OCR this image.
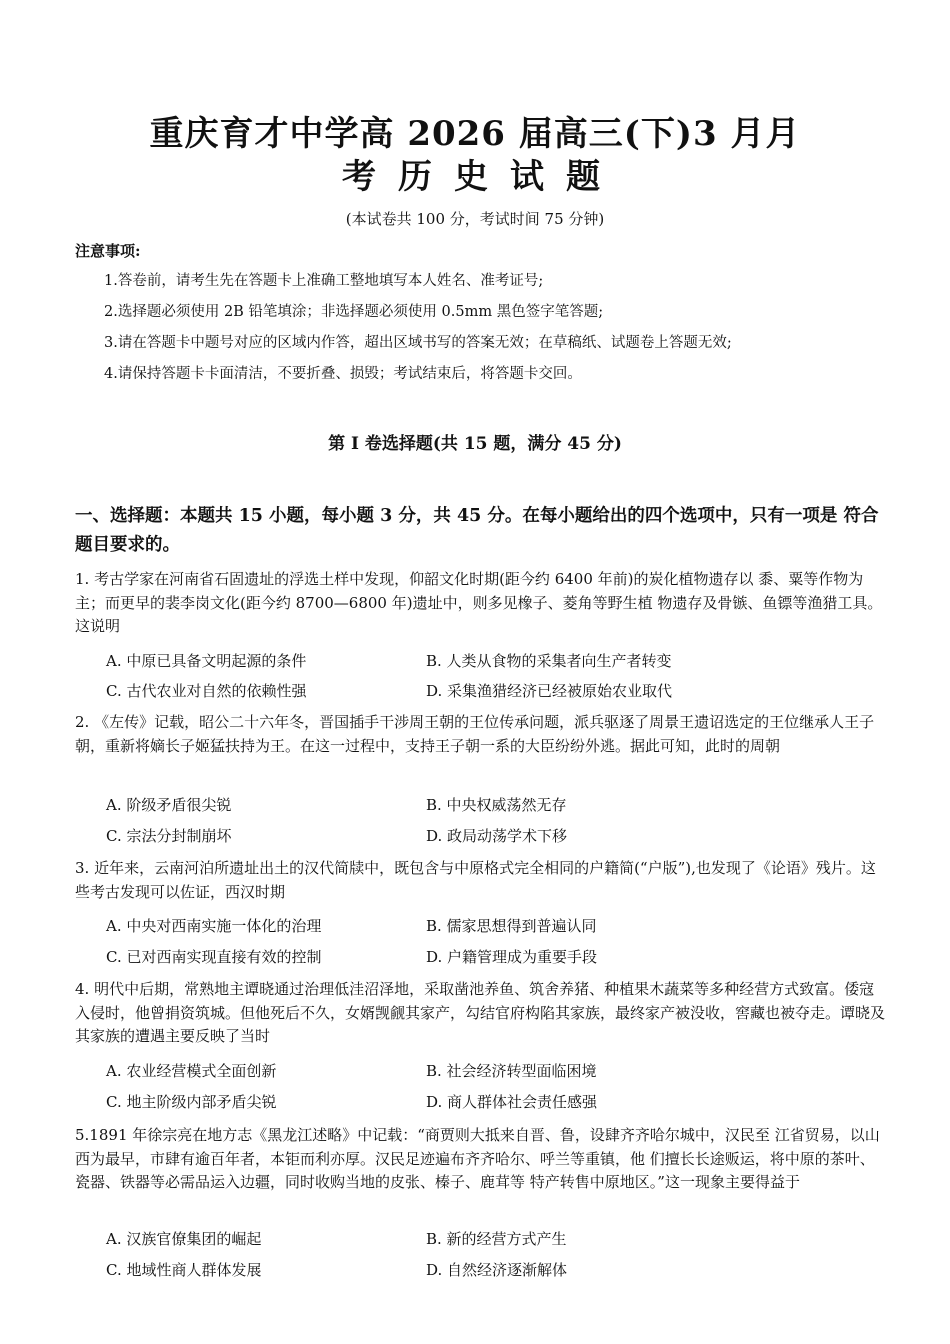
重庆育才中学高 2026 届高三(下)3 月月
考历史试题
(本试卷共 100 分，考试时间 75 分钟)
注意事项:
1.答卷前，请考生先在答题卡上准确工整地填写本人姓名、准考证号;
2.选择题必须使用 2B 铅笔填涂；非选择题必须使用 0.5mm 黑色签字笔答题;
3.请在答题卡中题号对应的区域内作答，超出区域书写的答案无效；在草稿纸、试题卷上答题无效;
4.请保持答题卡卡面清洁，不要折叠、损毁；考试结束后，将答题卡交回。
第 I 卷选择题(共 15 题，满分 45 分)
一、选择题：本题共 15 小题，每小题 3 分，共 45 分。在每小题给出的四个选项中，只有一项是 符合题目要求的。
1. 考古学家在河南省石固遗址的浮选土样中发现，仰韶文化时期(距今约 6400 年前)的炭化植物遗存以 黍、粟等作物为主；而更早的裴李岗文化(距今约 8700—6800 年)遗址中，则多见橡子、菱角等野生植 物遗存及骨镞、鱼镖等渔猎工具。这说明
A. 中原已具备文明起源的条件	B. 人类从食物的采集者向生产者转变
C. 古代农业对自然的依赖性强	D. 采集渔猎经济已经被原始农业取代
2. 《左传》记载，昭公二十六年冬，晋国插手干涉周王朝的王位传承问题，派兵驱逐了周景王遗诏选定的王位继承人王子朝，重新将嫡长子姬猛扶持为王。在这一过程中，支持王子朝一系的大臣纷纷外逃。据此可知，此时的周朝
A. 阶级矛盾很尖锐	B. 中央权威荡然无存
C. 宗法分封制崩坏	D. 政局动荡学术下移
3. 近年来，云南河泊所遗址出土的汉代简牍中，既包含与中原格式完全相同的户籍简(“户版”),也发现了《论语》残片。这些考古发现可以佐证，西汉时期
A. 中央对西南实施一体化的治理	B. 儒家思想得到普遍认同
C. 已对西南实现直接有效的控制	D. 户籍管理成为重要手段
4. 明代中后期，常熟地主谭晓通过治理低洼沼泽地，采取凿池养鱼、筑舍养猪、种植果木蔬菜等多种经营方式致富。倭寇入侵时，他曾捐资筑城。但他死后不久，女婿觊觎其家产，勾结官府构陷其家族，最终家产被没收，窖藏也被夺走。谭晓及其家族的遭遇主要反映了当时
A. 农业经营模式全面创新	B. 社会经济转型面临困境
C. 地主阶级内部矛盾尖锐	D. 商人群体社会责任感强
5.1891 年徐宗亮在地方志《黑龙江述略》中记载：“商贾则大抵来自晋、鲁，设肆齐齐哈尔城中，汉民至 江省贸易，以山西为最早，市肆有逾百年者，本钜而利亦厚。汉民足迹遍布齐齐哈尔、呼兰等重镇，他 们擅长长途贩运，将中原的茶叶、瓷器、铁器等必需品运入边疆，同时收购当地的皮张、榛子、鹿茸等 特产转售中原地区。”这一现象主要得益于
A. 汉族官僚集团的崛起	B. 新的经营方式产生
C. 地域性商人群体发展	D. 自然经济逐渐解体
